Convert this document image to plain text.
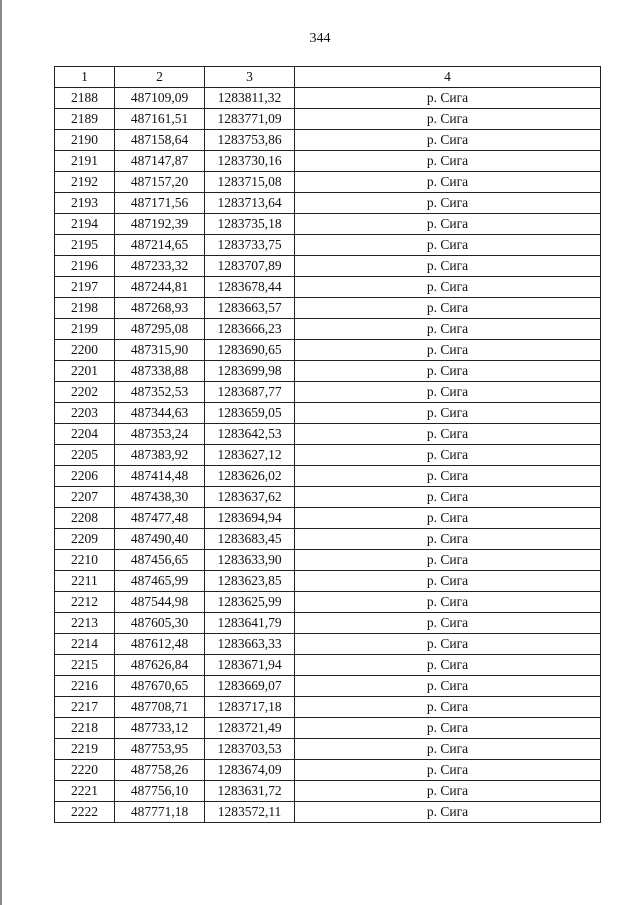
344
1	2	3	4
2188	487109,09	1283811,32	р. Сига
2189	487161,51	1283771,09	р. Сига
2190	487158,64	1283753,86	р. Сига
2191	487147,87	1283730,16	р. Сига
2192	487157,20	1283715,08	р. Сига
2193	487171,56	1283713,64	р. Сига
2194	487192,39	1283735,18	р. Сига
2195	487214,65	1283733,75	р. Сига
2196	487233,32	1283707,89	р. Сига
2197	487244,81	1283678,44	р. Сига
2198	487268,93	1283663,57	р. Сига
2199	487295,08	1283666,23	р. Сига
2200	487315,90	1283690,65	р. Сига
2201	487338,88	1283699,98	р. Сига
2202	487352,53	1283687,77	р. Сига
2203	487344,63	1283659,05	р. Сига
2204	487353,24	1283642,53	р. Сига
2205	487383,92	1283627,12	р. Сига
2206	487414,48	1283626,02	р. Сига
2207	487438,30	1283637,62	р. Сига
2208	487477,48	1283694,94	р. Сига
2209	487490,40	1283683,45	р. Сига
2210	487456,65	1283633,90	р. Сига
2211	487465,99	1283623,85	р. Сига
2212	487544,98	1283625,99	р. Сига
2213	487605,30	1283641,79	р. Сига
2214	487612,48	1283663,33	р. Сига
2215	487626,84	1283671,94	р. Сига
2216	487670,65	1283669,07	р. Сига
2217	487708,71	1283717,18	р. Сига
2218	487733,12	1283721,49	р. Сига
2219	487753,95	1283703,53	р. Сига
2220	487758,26	1283674,09	р. Сига
2221	487756,10	1283631,72	р. Сига
2222	487771,18	1283572,11	р. Сига
